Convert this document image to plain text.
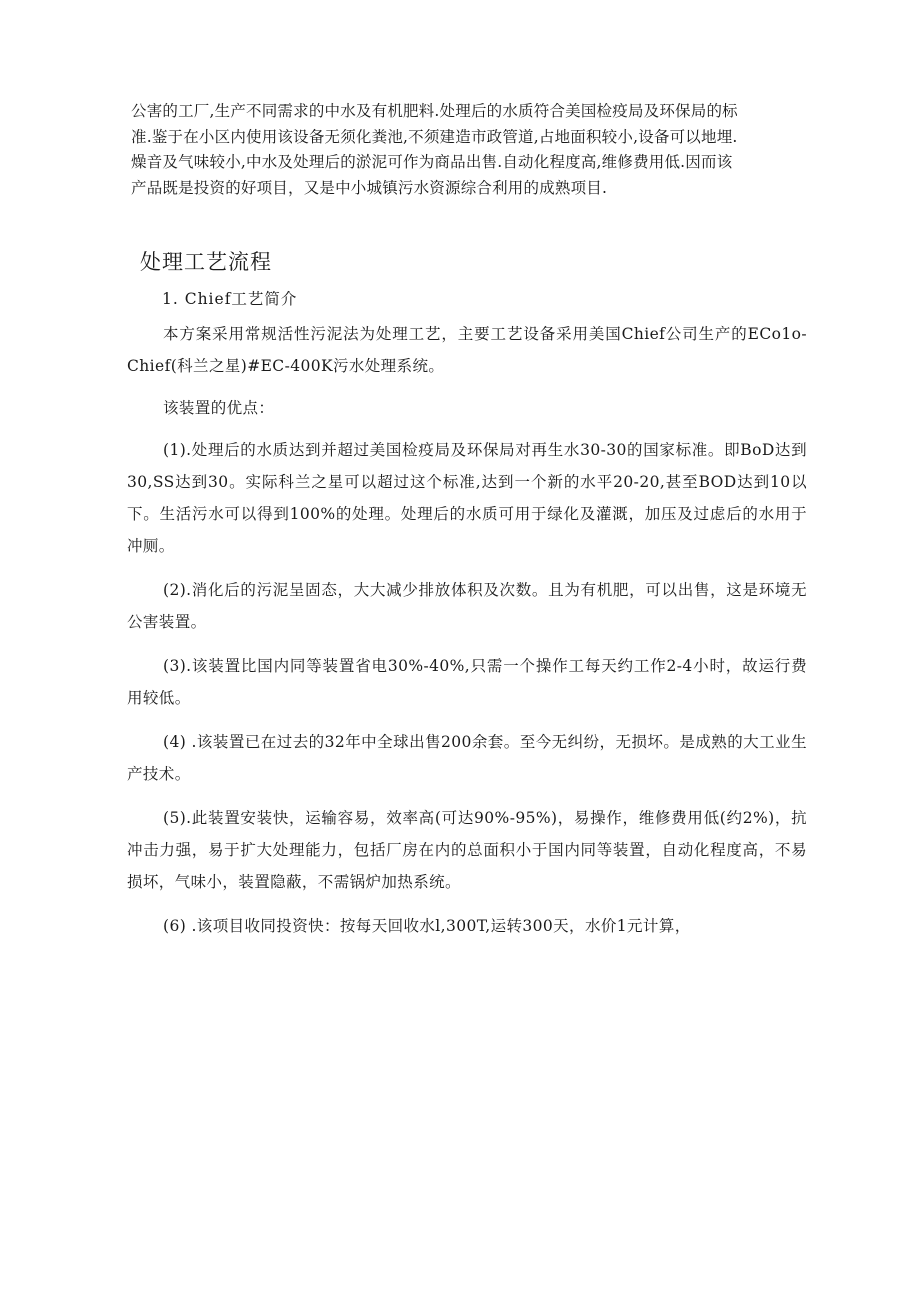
公害的工厂,生产不同需求的中水及有机肥料.处理后的水质符合美国检疫局及环保局的标

准.鉴于在小区内使用该设备无须化粪池,不须建造市政管道,占地面积较小,设备可以地埋.

燥音及气味较小,中水及处理后的淤泥可作为商品出售.自动化程度高,维修费用低.因而该

产品既是投资的好项目，又是中小城镇污水资源综合利用的成熟项目.

处理工艺流程
1. Chief工艺简介

本方案采用常规活性污泥法为处理工艺，主要工艺设备采用美国Chief公司生产的ECo1o-Chief(科兰之星)#EC-400K污水处理系统。

该装置的优点：

(1).处理后的水质达到并超过美国检疫局及环保局对再生水30-30的国家标准。即BoD达到30,SS达到30。实际科兰之星可以超过这个标准,达到一个新的水平20-20,甚至BOD达到10以下。生活污水可以得到100%的处理。处理后的水质可用于绿化及灌溉，加压及过虑后的水用于冲厕。

(2).消化后的污泥呈固态，大大减少排放体积及次数。且为有机肥，可以出售，这是环境无公害装置。

(3).该装置比国内同等装置省电30%-40%,只需一个操作工每天约工作2-4小时，故运行费用较低。

(4) .该装置已在过去的32年中全球出售200余套。至今无纠纷，无损坏。是成熟的大工业生产技术。

(5).此装置安装快，运输容易，效率高(可达90%-95%)，易操作，维修费用低(约2%)，抗冲击力强，易于扩大处理能力，包括厂房在内的总面积小于国内同等装置，自动化程度高，不易损坏，气味小，装置隐蔽，不需锅炉加热系统。

(6) .该项目收同投资快：按每天回收水l,300T,运转300天，水价1元计算，
